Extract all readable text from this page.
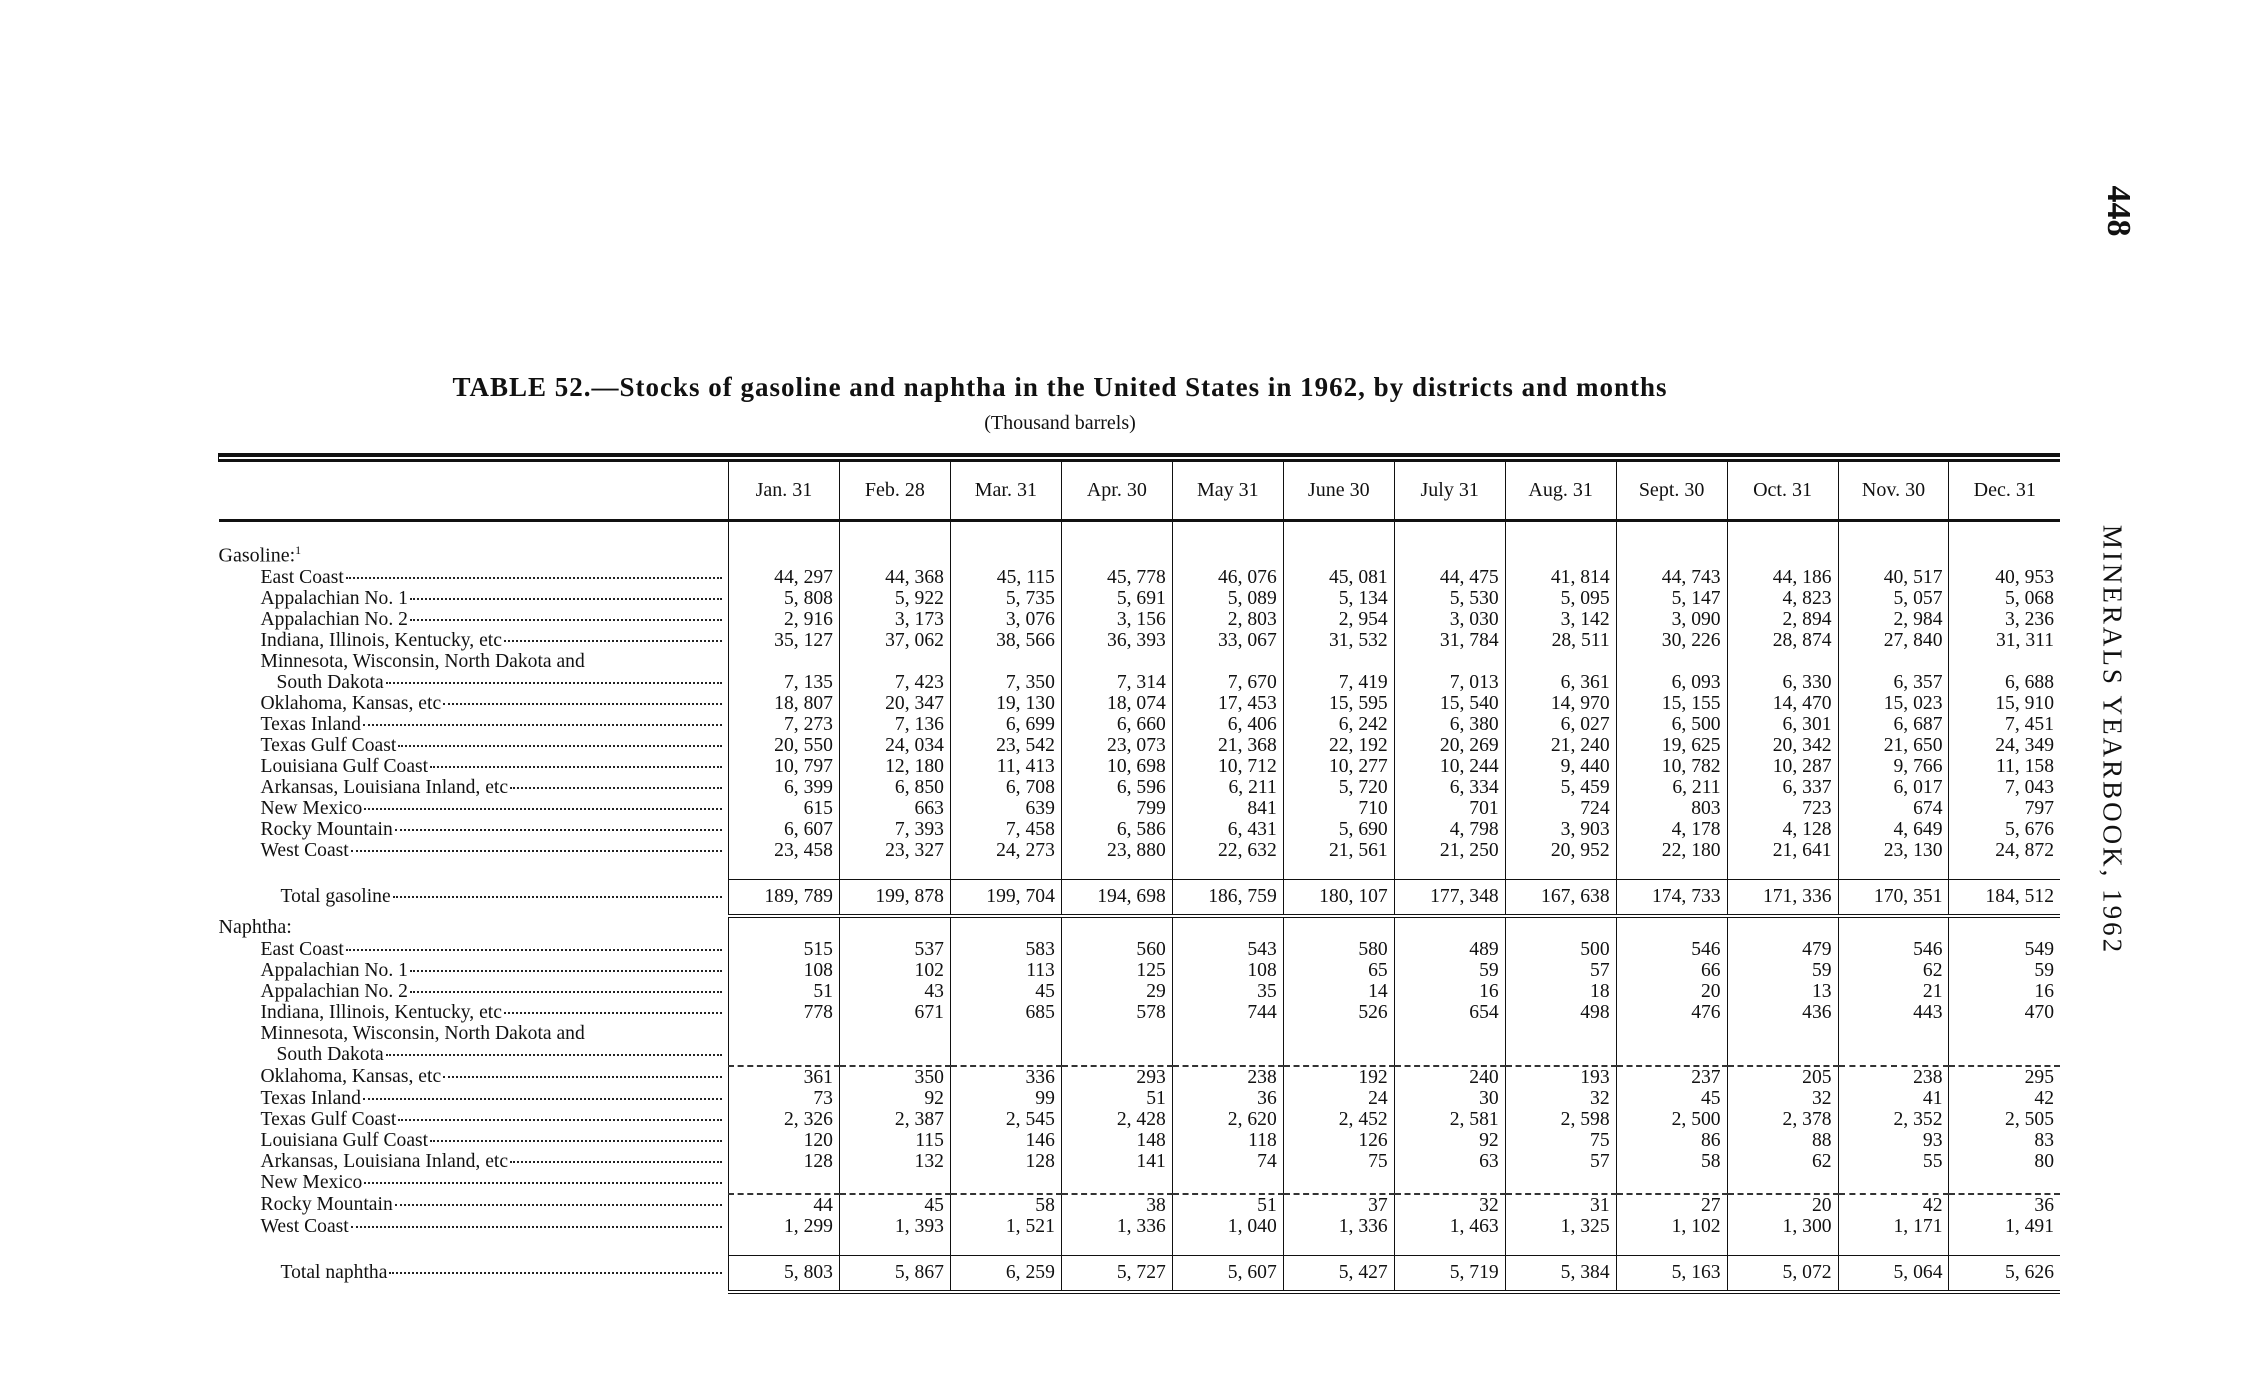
448
MINERALS YEARBOOK, 1962
TABLE 52.—Stocks of gasoline and naphtha in the United States in 1962, by districts and months
(Thousand barrels)

	Jan. 31	Feb. 28	Mar. 31	Apr. 30	May 31	June 30	July 31	Aug. 31	Sept. 30	Oct. 31	Nov. 30	Dec. 31

Gasoline:$^1$												

East Coast	44, 297	44, 368	45, 115	45, 778	46, 076	45, 081	44, 475	41, 814	44, 743	44, 186	40, 517	40, 953

Appalachian No. 1	5, 808	5, 922	5, 735	5, 691	5, 089	5, 134	5, 530	5, 095	5, 147	4, 823	5, 057	5, 068

Appalachian No. 2	2, 916	3, 173	3, 076	3, 156	2, 803	2, 954	3, 030	3, 142	3, 090	2, 894	2, 984	3, 236

Indiana, Illinois, Kentucky, etc	35, 127	37, 062	38, 566	36, 393	33, 067	31, 532	31, 784	28, 511	30, 226	28, 874	27, 840	31, 311
Minnesota, Wisconsin, North Dakota and												

South Dakota	7, 135	7, 423	7, 350	7, 314	7, 670	7, 419	7, 013	6, 361	6, 093	6, 330	6, 357	6, 688

Oklahoma, Kansas, etc	18, 807	20, 347	19, 130	18, 074	17, 453	15, 595	15, 540	14, 970	15, 155	14, 470	15, 023	15, 910

Texas Inland	7, 273	7, 136	6, 699	6, 660	6, 406	6, 242	6, 380	6, 027	6, 500	6, 301	6, 687	7, 451

Texas Gulf Coast	20, 550	24, 034	23, 542	23, 073	21, 368	22, 192	20, 269	21, 240	19, 625	20, 342	21, 650	24, 349

Louisiana Gulf Coast	10, 797	12, 180	11, 413	10, 698	10, 712	10, 277	10, 244	9, 440	10, 782	10, 287	9, 766	11, 158

Arkansas, Louisiana Inland, etc	6, 399	6, 850	6, 708	6, 596	6, 211	5, 720	6, 334	5, 459	6, 211	6, 337	6, 017	7, 043

New Mexico	615	663	639	799	841	710	701	724	803	723	674	797

Rocky Mountain	6, 607	7, 393	7, 458	6, 586	6, 431	5, 690	4, 798	3, 903	4, 178	4, 128	4, 649	5, 676

West Coast	23, 458	23, 327	24, 273	23, 880	22, 632	21, 561	21, 250	20, 952	22, 180	21, 641	23, 130	24, 872

Total gasoline	189, 789	199, 878	199, 704	194, 698	186, 759	180, 107	177, 348	167, 638	174, 733	171, 336	170, 351	184, 512
Naphtha:												

East Coast	515	537	583	560	543	580	489	500	546	479	546	549

Appalachian No. 1	108	102	113	125	108	65	59	57	66	59	62	59

Appalachian No. 2	51	43	45	29	35	14	16	18	20	13	21	16

Indiana, Illinois, Kentucky, etc	778	671	685	578	744	526	654	498	476	436	443	470
Minnesota, Wisconsin, North Dakota and												

South Dakota												

Oklahoma, Kansas, etc	361	350	336	293	238	192	240	193	237	205	238	295

Texas Inland	73	92	99	51	36	24	30	32	45	32	41	42

Texas Gulf Coast	2, 326	2, 387	2, 545	2, 428	2, 620	2, 452	2, 581	2, 598	2, 500	2, 378	2, 352	2, 505

Louisiana Gulf Coast	120	115	146	148	118	126	92	75	86	88	93	83

Arkansas, Louisiana Inland, etc	128	132	128	141	74	75	63	57	58	62	55	80

New Mexico												

Rocky Mountain	44	45	58	38	51	37	32	31	27	20	42	36

West Coast	1, 299	1, 393	1, 521	1, 336	1, 040	1, 336	1, 463	1, 325	1, 102	1, 300	1, 171	1, 491

Total naphtha	5, 803	5, 867	6, 259	5, 727	5, 607	5, 427	5, 719	5, 384	5, 163	5, 072	5, 064	5, 626
